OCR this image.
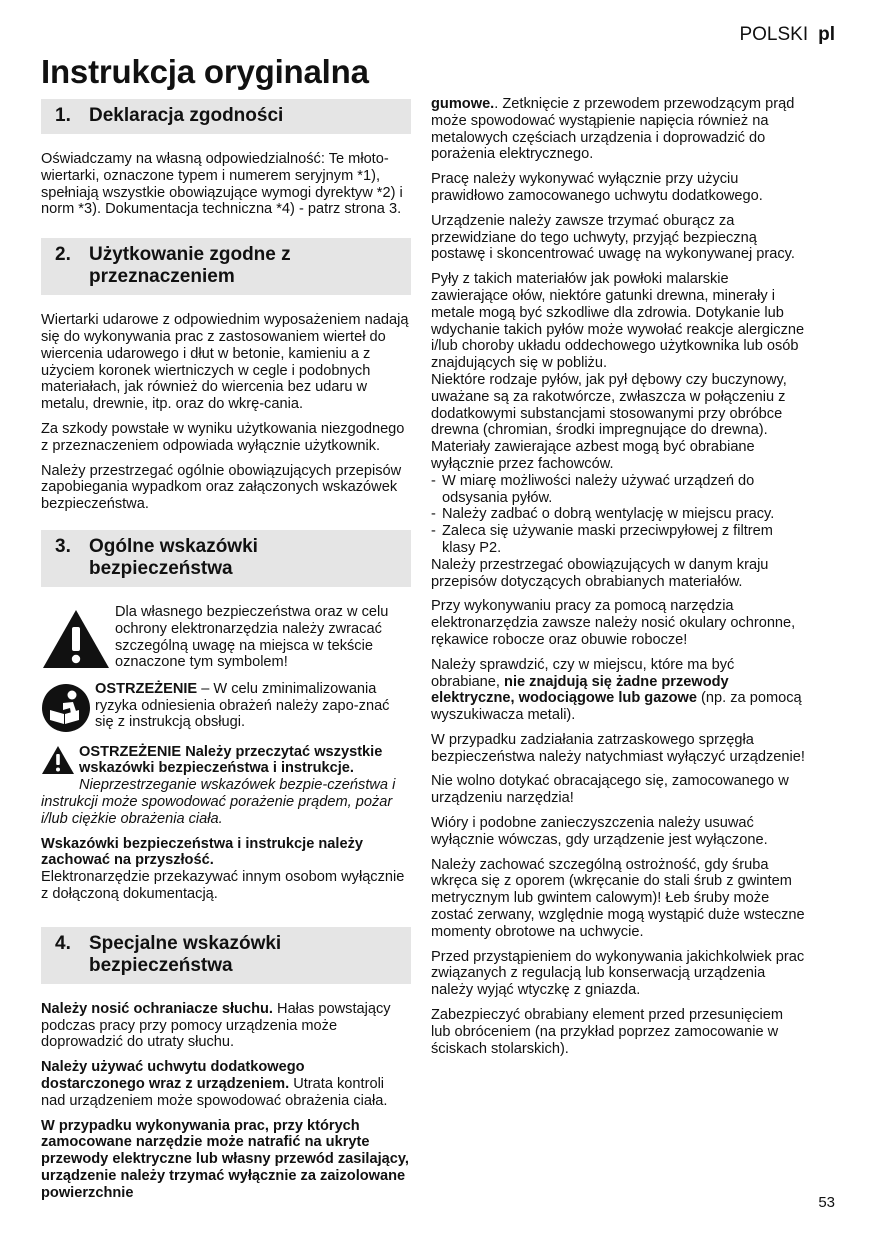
POLSKI pl
Instrukcja oryginalna
1. Deklaracja zgodności

Oświadczamy na własną odpowiedzialność: Te młoto-wiertarki, oznaczone typem i numerem seryjnym *1), spełniają wszystkie obowiązujące wymogi dyrektyw *2) i norm *3). Dokumentacja techniczna *4) - patrz strona 3.

2. Użytkowanie zgodne z przeznaczeniem

Wiertarki udarowe z odpowiednim wyposażeniem nadają się do wykonywania prac z zastosowaniem wierteł do wiercenia udarowego i dłut w betonie, kamieniu a z użyciem koronek wiertniczych w cegle i podobnych materiałach, jak również do wiercenia bez udaru w metalu, drewnie, itp. oraz do wkrę-cania.

Za szkody powstałe w wyniku użytkowania niezgodnego z przeznaczeniem odpowiada wyłącznie użytkownik.

Należy przestrzegać ogólnie obowiązujących przepisów zapobiegania wypadkom oraz załączonych wskazówek bezpieczeństwa.

3. Ogólne wskazówki bezpieczeństwa
Dla własnego bezpieczeństwa oraz w celu ochrony elektronarzędzia należy zwracać szczególną uwagę na miejsca w tekście oznaczone tym symbolem!
OSTRZEŻENIE – W celu zminimalizowania ryzyka odniesienia obrażeń należy zapo-znać się z instrukcją obsługi.

OSTRZEŻENIE Należy przeczytać wszystkie wskazówki bezpieczeństwa i instrukcje. Nieprzestrzeganie wskazówek bezpie-czeństwa i instrukcji może spowodować porażenie prądem, pożar i/lub ciężkie obrażenia ciała.

Wskazówki bezpieczeństwa i instrukcje należy zachować na przyszłość.
Elektronarzędzie przekazywać innym osobom wyłącznie z dołączoną dokumentacją.

4. Specjalne wskazówki bezpieczeństwa

Należy nosić ochraniacze słuchu. Hałas powstający podczas pracy przy pomocy urządzenia może doprowadzić do utraty słuchu.

Należy używać uchwytu dodatkowego dostarczonego wraz z urządzeniem. Utrata kontroli nad urządzeniem może spowodować obrażenia ciała.

W przypadku wykonywania prac, przy których zamocowane narzędzie może natrafić na ukryte przewody elektryczne lub własny przewód zasilający, urządzenie należy trzymać wyłącznie za zaizolowane powierzchnie

gumowe.. Zetknięcie z przewodem przewodzącym prąd może spowodować wystąpienie napięcia również na metalowych częściach urządzenia i doprowadzić do porażenia elektrycznego.

Pracę należy wykonywać wyłącznie przy użyciu prawidłowo zamocowanego uchwytu dodatkowego.

Urządzenie należy zawsze trzymać oburącz za przewidziane do tego uchwyty, przyjąć bezpieczną postawę i skoncentrować uwagę na wykonywanej pracy.

Pyły z takich materiałów jak powłoki malarskie zawierające ołów, niektóre gatunki drewna, minerały i metale mogą być szkodliwe dla zdrowia. Dotykanie lub wdychanie takich pyłów może wywołać reakcje alergiczne i/lub choroby układu oddechowego użytkownika lub osób znajdujących się w pobliżu.

Niektóre rodzaje pyłów, jak pył dębowy czy buczynowy, uważane są za rakotwórcze, zwłaszcza w połączeniu z dodatkowymi substancjami stosowanymi przy obróbce drewna (chromian, środki impregnujące do drewna). Materiały zawierające azbest mogą być obrabiane wyłącznie przez fachowców.

- W miarę możliwości należy używać urządzeń do odsysania pyłów.
- Należy zadbać o dobrą wentylację w miejscu pracy.
- Zaleca się używanie maski przeciwpyłowej z filtrem klasy P2.

Należy przestrzegać obowiązujących w danym kraju przepisów dotyczących obrabianych materiałów.

Przy wykonywaniu pracy za pomocą narzędzia elektronarzędzia zawsze należy nosić okulary ochronne, rękawice robocze oraz obuwie robocze!

Należy sprawdzić, czy w miejscu, które ma być obrabiane, nie znajdują się żadne przewody elektryczne, wodociągowe lub gazowe (np. za pomocą wyszukiwacza metali).

W przypadku zadziałania zatrzaskowego sprzęgła bezpieczeństwa należy natychmiast wyłączyć urządzenie!

Nie wolno dotykać obracającego się, zamocowanego w urządzeniu narzędzia!

Wióry i podobne zanieczyszczenia należy usuwać wyłącznie wówczas, gdy urządzenie jest wyłączone.

Należy zachować szczególną ostrożność, gdy śruba wkręca się z oporem (wkręcanie do stali śrub z gwintem metrycznym lub gwintem calowym)! Łeb śruby może zostać zerwany, względnie mogą wystąpić duże wsteczne momenty obrotowe na uchwycie.

Przed przystąpieniem do wykonywania jakichkolwiek prac związanych z regulacją lub konserwacją urządzenia należy wyjąć wtyczkę z gniazda.

Zabezpieczyć obrabiany element przed przesunięciem lub obróceniem (na przykład poprzez zamocowanie w ściskach stolarskich).

53
